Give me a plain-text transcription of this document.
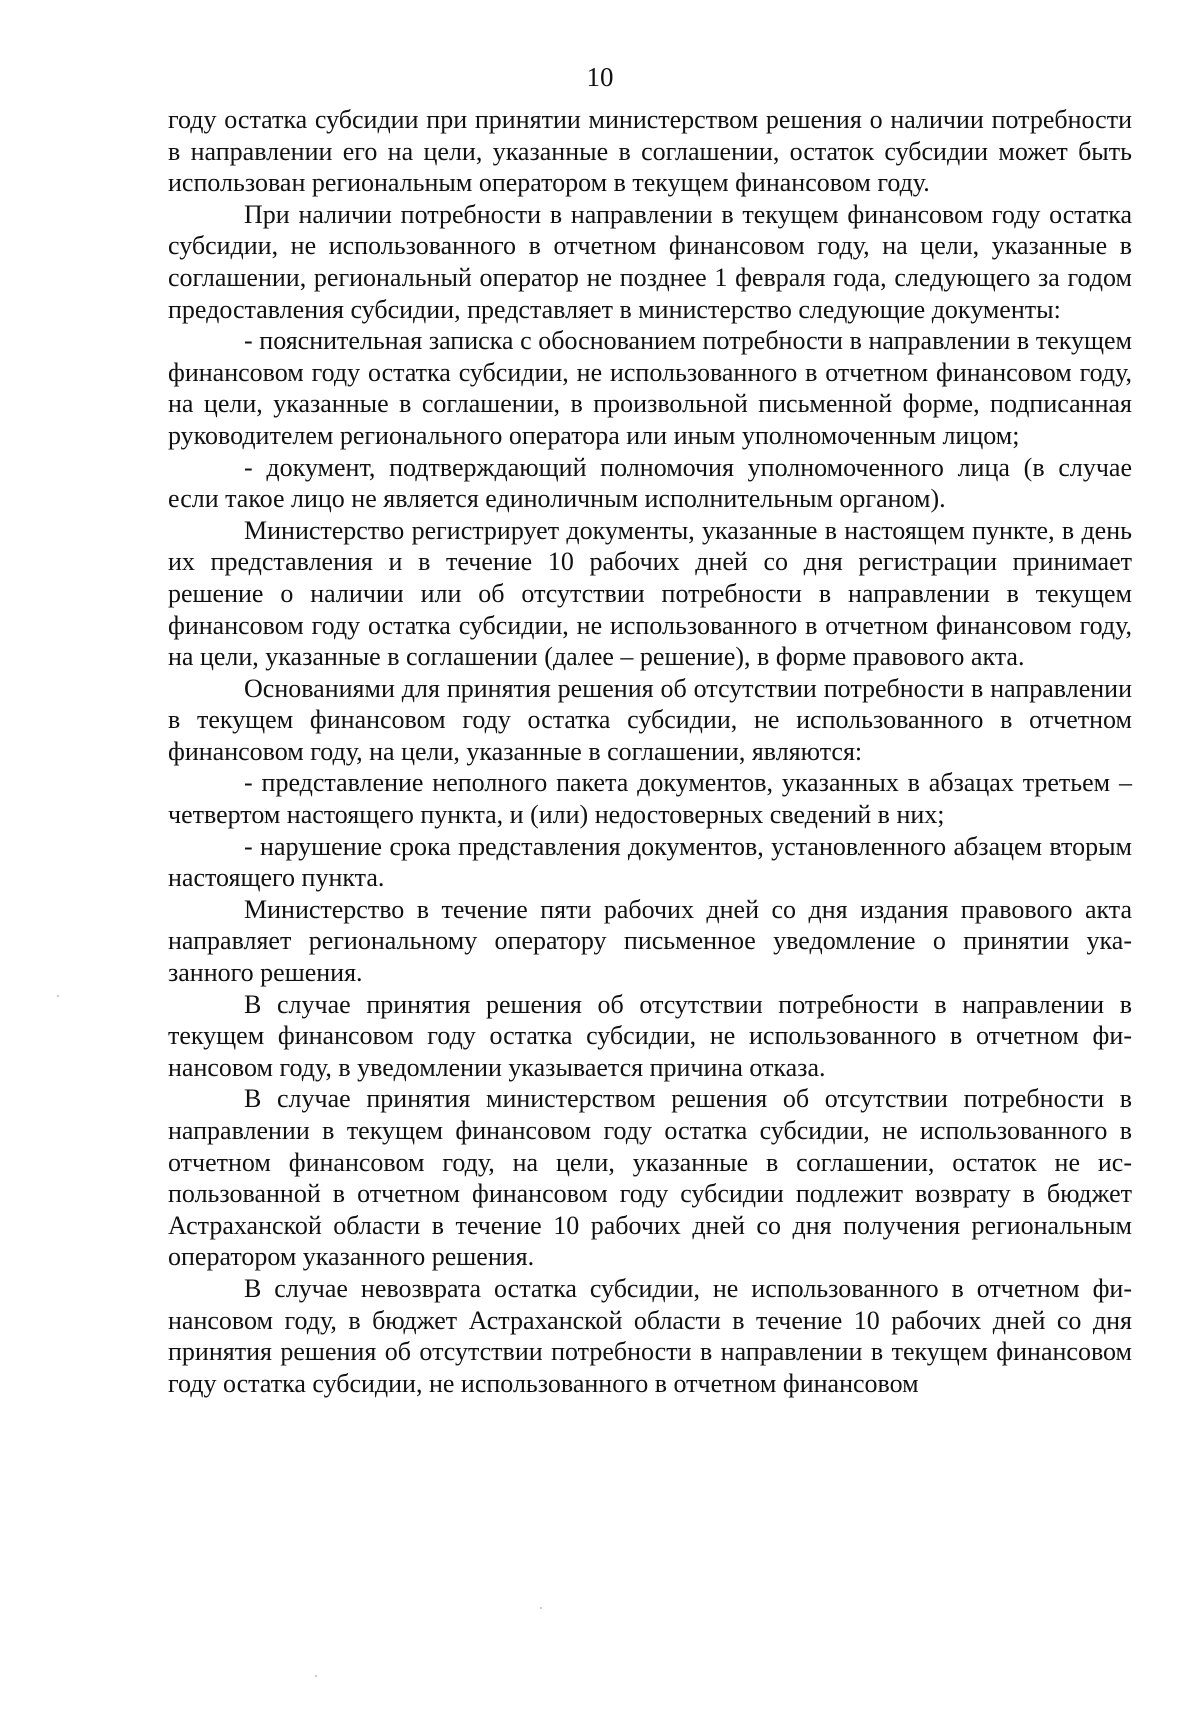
10

году остатка субсидии при принятии министерством решения о наличии потребности в направлении его на цели, указанные в соглашении, остаток субсидии может быть использован региональным оператором в текущем финансовом году.

При наличии потребности в направлении в текущем финансовом году остатка субсидии, не использованного в отчетном финансовом году, на цели, указанные в соглашении, региональный оператор не позднее 1 февраля года, следующего за годом предоставления субсидии, представляет в министерство следующие документы:

- пояснительная записка с обоснованием потребности в направлении в текущем финансовом году остатка субсидии, не использованного в отчетном финансовом году, на цели, указанные в соглашении, в произвольной письменной форме, подписанная руководителем регионального оператора или иным уполномоченным лицом;

- документ, подтверждающий полномочия уполномоченного лица (в случае если такое лицо не является единоличным исполнительным органом).

Министерство регистрирует документы, указанные в настоящем пункте, в день их представления и в течение 10 рабочих дней со дня регистрации принимает решение о наличии или об отсутствии потребности в направлении в текущем финансовом году остатка субсидии, не использованного в отчетном финансовом году, на цели, указанные в соглашении (далее – решение), в форме правового акта.

Основаниями для принятия решения об отсутствии потребности в направлении в текущем финансовом году остатка субсидии, не использованного в отчетном финансовом году, на цели, указанные в соглашении, являются:

- представление неполного пакета документов, указанных в абзацах третьем – четвертом настоящего пункта, и (или) недостоверных сведений в них;

- нарушение срока представления документов, установленного абзацем вторым настоящего пункта.

Министерство в течение пяти рабочих дней со дня издания правового акта направляет региональному оператору письменное уведомление о принятии указанного решения.

В случае принятия решения об отсутствии потребности в направлении в текущем финансовом году остатка субсидии, не использованного в отчетном финансовом году, в уведомлении указывается причина отказа.

В случае принятия министерством решения об отсутствии потребности в направлении в текущем финансовом году остатка субсидии, не использованного в отчетном финансовом году, на цели, указанные в соглашении, остаток не использованной в отчетном финансовом году субсидии подлежит возврату в бюджет Астраханской области в течение 10 рабочих дней со дня получения региональным оператором указанного решения.

В случае невозврата остатка субсидии, не использованного в отчетном финансовом году, в бюджет Астраханской области в течение 10 рабочих дней со дня принятия решения об отсутствии потребности в направлении в текущем финансовом году остатка субсидии, не использованного в отчетном финансовом
